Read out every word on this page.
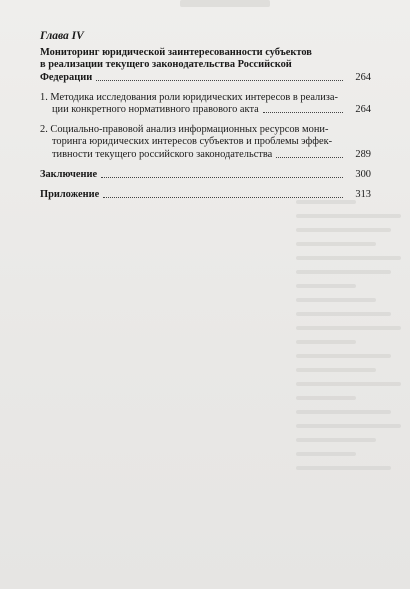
Глава IV
Мониторинг юридической заинтересованности субъектов
в реализации текущего законодательства Российской
Федерации	264
1. Методика исследования роли юридических интересов в реализа-
ции конкретного нормативного правового акта	264
2. Социально-правовой анализ информационных ресурсов мони-
торинга юридических интересов субъектов и проблемы эффек-
тивности текущего российского законодательства	289
Заключение	300
Приложение	313
